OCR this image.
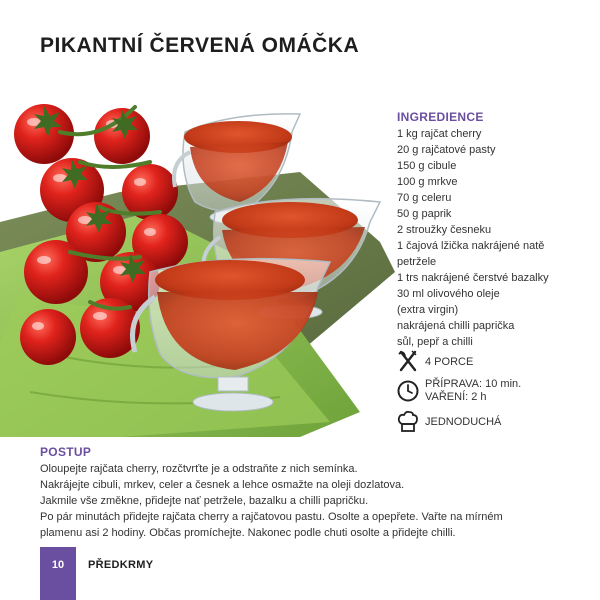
PIKANTNÍ ČERVENÁ OMÁČKA
INGREDIENCE
1 kg rajčat cherry
20 g rajčatové pasty
150 g cibule
100 g mrkve
70 g celeru
50 g paprik
2 stroužky česneku
1 čajová lžička nakrájené natě
petržele
1 trs nakrájené čerstvé bazalky
30 ml olivového oleje
(extra virgin)
nakrájená chilli paprička
sůl, pepř a chilli
4 PORCE
PŘÍPRAVA: 10 min.
VAŘENÍ: 2 h
JEDNODUCHÁ
POSTUP

Oloupejte rajčata cherry, rozčtvrťte je a odstraňte z nich semínka.

Nakrájejte cibuli, mrkev, celer a česnek a lehce osmažte na oleji dozlatova.

Jakmile vše změkne, přidejte nať petržele, bazalku a chilli papričku.

Po pár minutách přidejte rajčata cherry a rajčatovou pastu. Osolte a opepřete. Vařte na mírném

plamenu asi 2 hodiny. Občas promíchejte. Nakonec podle chuti osolte a přidejte chilli.

10	PŘEDKRMY
